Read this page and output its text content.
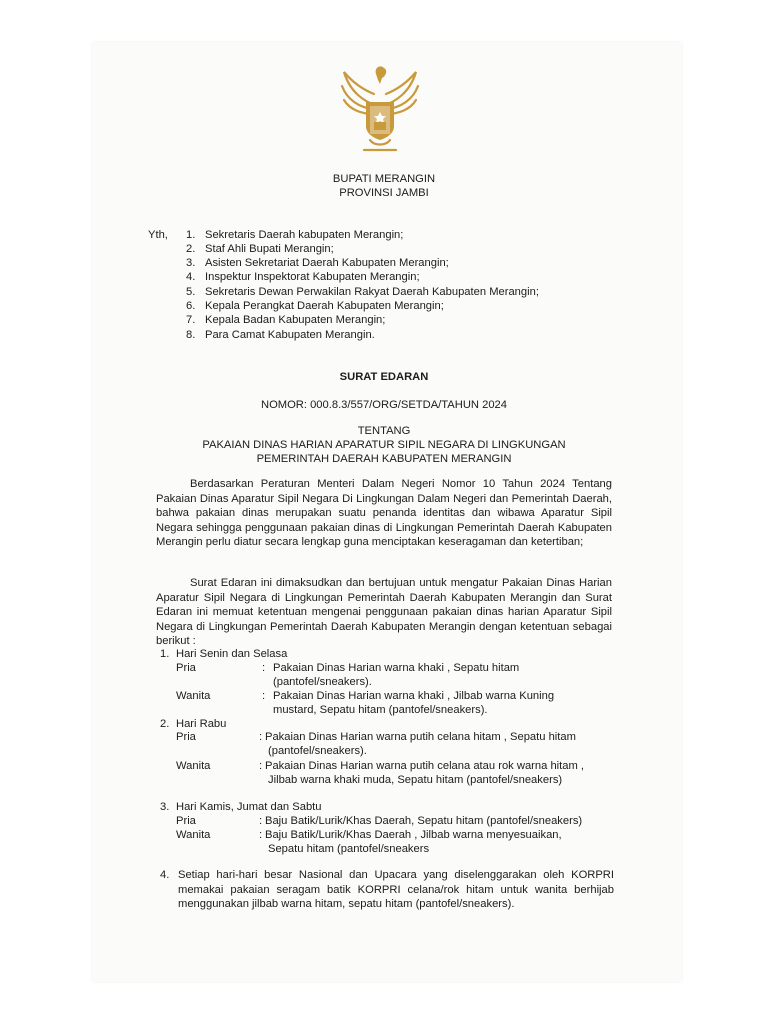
BUPATI MERANGIN
PROVINSI JAMBI
Yth, 1. Sekretaris Daerah kabupaten Merangin;
2. Staf Ahli Bupati Merangin;
3. Asisten Sekretariat Daerah Kabupaten Merangin;
4. Inspektur Inspektorat Kabupaten Merangin;
5. Sekretaris Dewan Perwakilan Rakyat Daerah Kabupaten Merangin;
6. Kepala Perangkat Daerah Kabupaten Merangin;
7. Kepala Badan Kabupaten Merangin;
8. Para Camat Kabupaten Merangin.
SURAT EDARAN
NOMOR: 000.8.3/557/ORG/SETDA/TAHUN 2024
TENTANG
PAKAIAN DINAS HARIAN APARATUR SIPIL NEGARA DI LINGKUNGAN
PEMERINTAH DAERAH KABUPATEN MERANGIN
Berdasarkan Peraturan Menteri Dalam Negeri Nomor 10 Tahun 2024 Tentang Pakaian Dinas Aparatur Sipil Negara Di Lingkungan Dalam Negeri dan Pemerintah Daerah, bahwa pakaian dinas merupakan suatu penanda identitas dan wibawa Aparatur Sipil Negara sehingga penggunaan pakaian dinas di Lingkungan Pemerintah Daerah Kabupaten Merangin perlu diatur secara lengkap guna menciptakan keseragaman dan ketertiban;
Surat Edaran ini dimaksudkan dan bertujuan untuk mengatur Pakaian Dinas Harian Aparatur Sipil Negara di Lingkungan Pemerintah Daerah Kabupaten Merangin dan Surat Edaran ini memuat ketentuan mengenai penggunaan pakaian dinas harian Aparatur Sipil Negara di Lingkungan Pemerintah Daerah Kabupaten Merangin dengan ketentuan sebagai berikut :
1. Hari Senin dan Selasa
Pria	: Pakaian Dinas Harian warna khaki , Sepatu hitam
(pantofel/sneakers).
Wanita	: Pakaian Dinas Harian warna khaki , Jilbab warna Kuning
mustard, Sepatu hitam (pantofel/sneakers).
2. Hari Rabu
Pria	: Pakaian Dinas Harian warna putih celana hitam , Sepatu hitam
(pantofel/sneakers).
Wanita	: Pakaian Dinas Harian warna putih celana atau rok warna hitam ,
Jilbab warna khaki muda, Sepatu hitam (pantofel/sneakers)
3. Hari Kamis, Jumat dan Sabtu
Pria	: Baju Batik/Lurik/Khas Daerah, Sepatu hitam (pantofel/sneakers)
Wanita	: Baju Batik/Lurik/Khas Daerah , Jilbab warna menyesuaikan,
Sepatu hitam (pantofel/sneakers
4. Setiap hari-hari besar Nasional dan Upacara yang diselenggarakan oleh KORPRI memakai pakaian seragam batik KORPRI celana/rok hitam untuk wanita berhijab menggunakan jilbab warna hitam, sepatu hitam (pantofel/sneakers).
